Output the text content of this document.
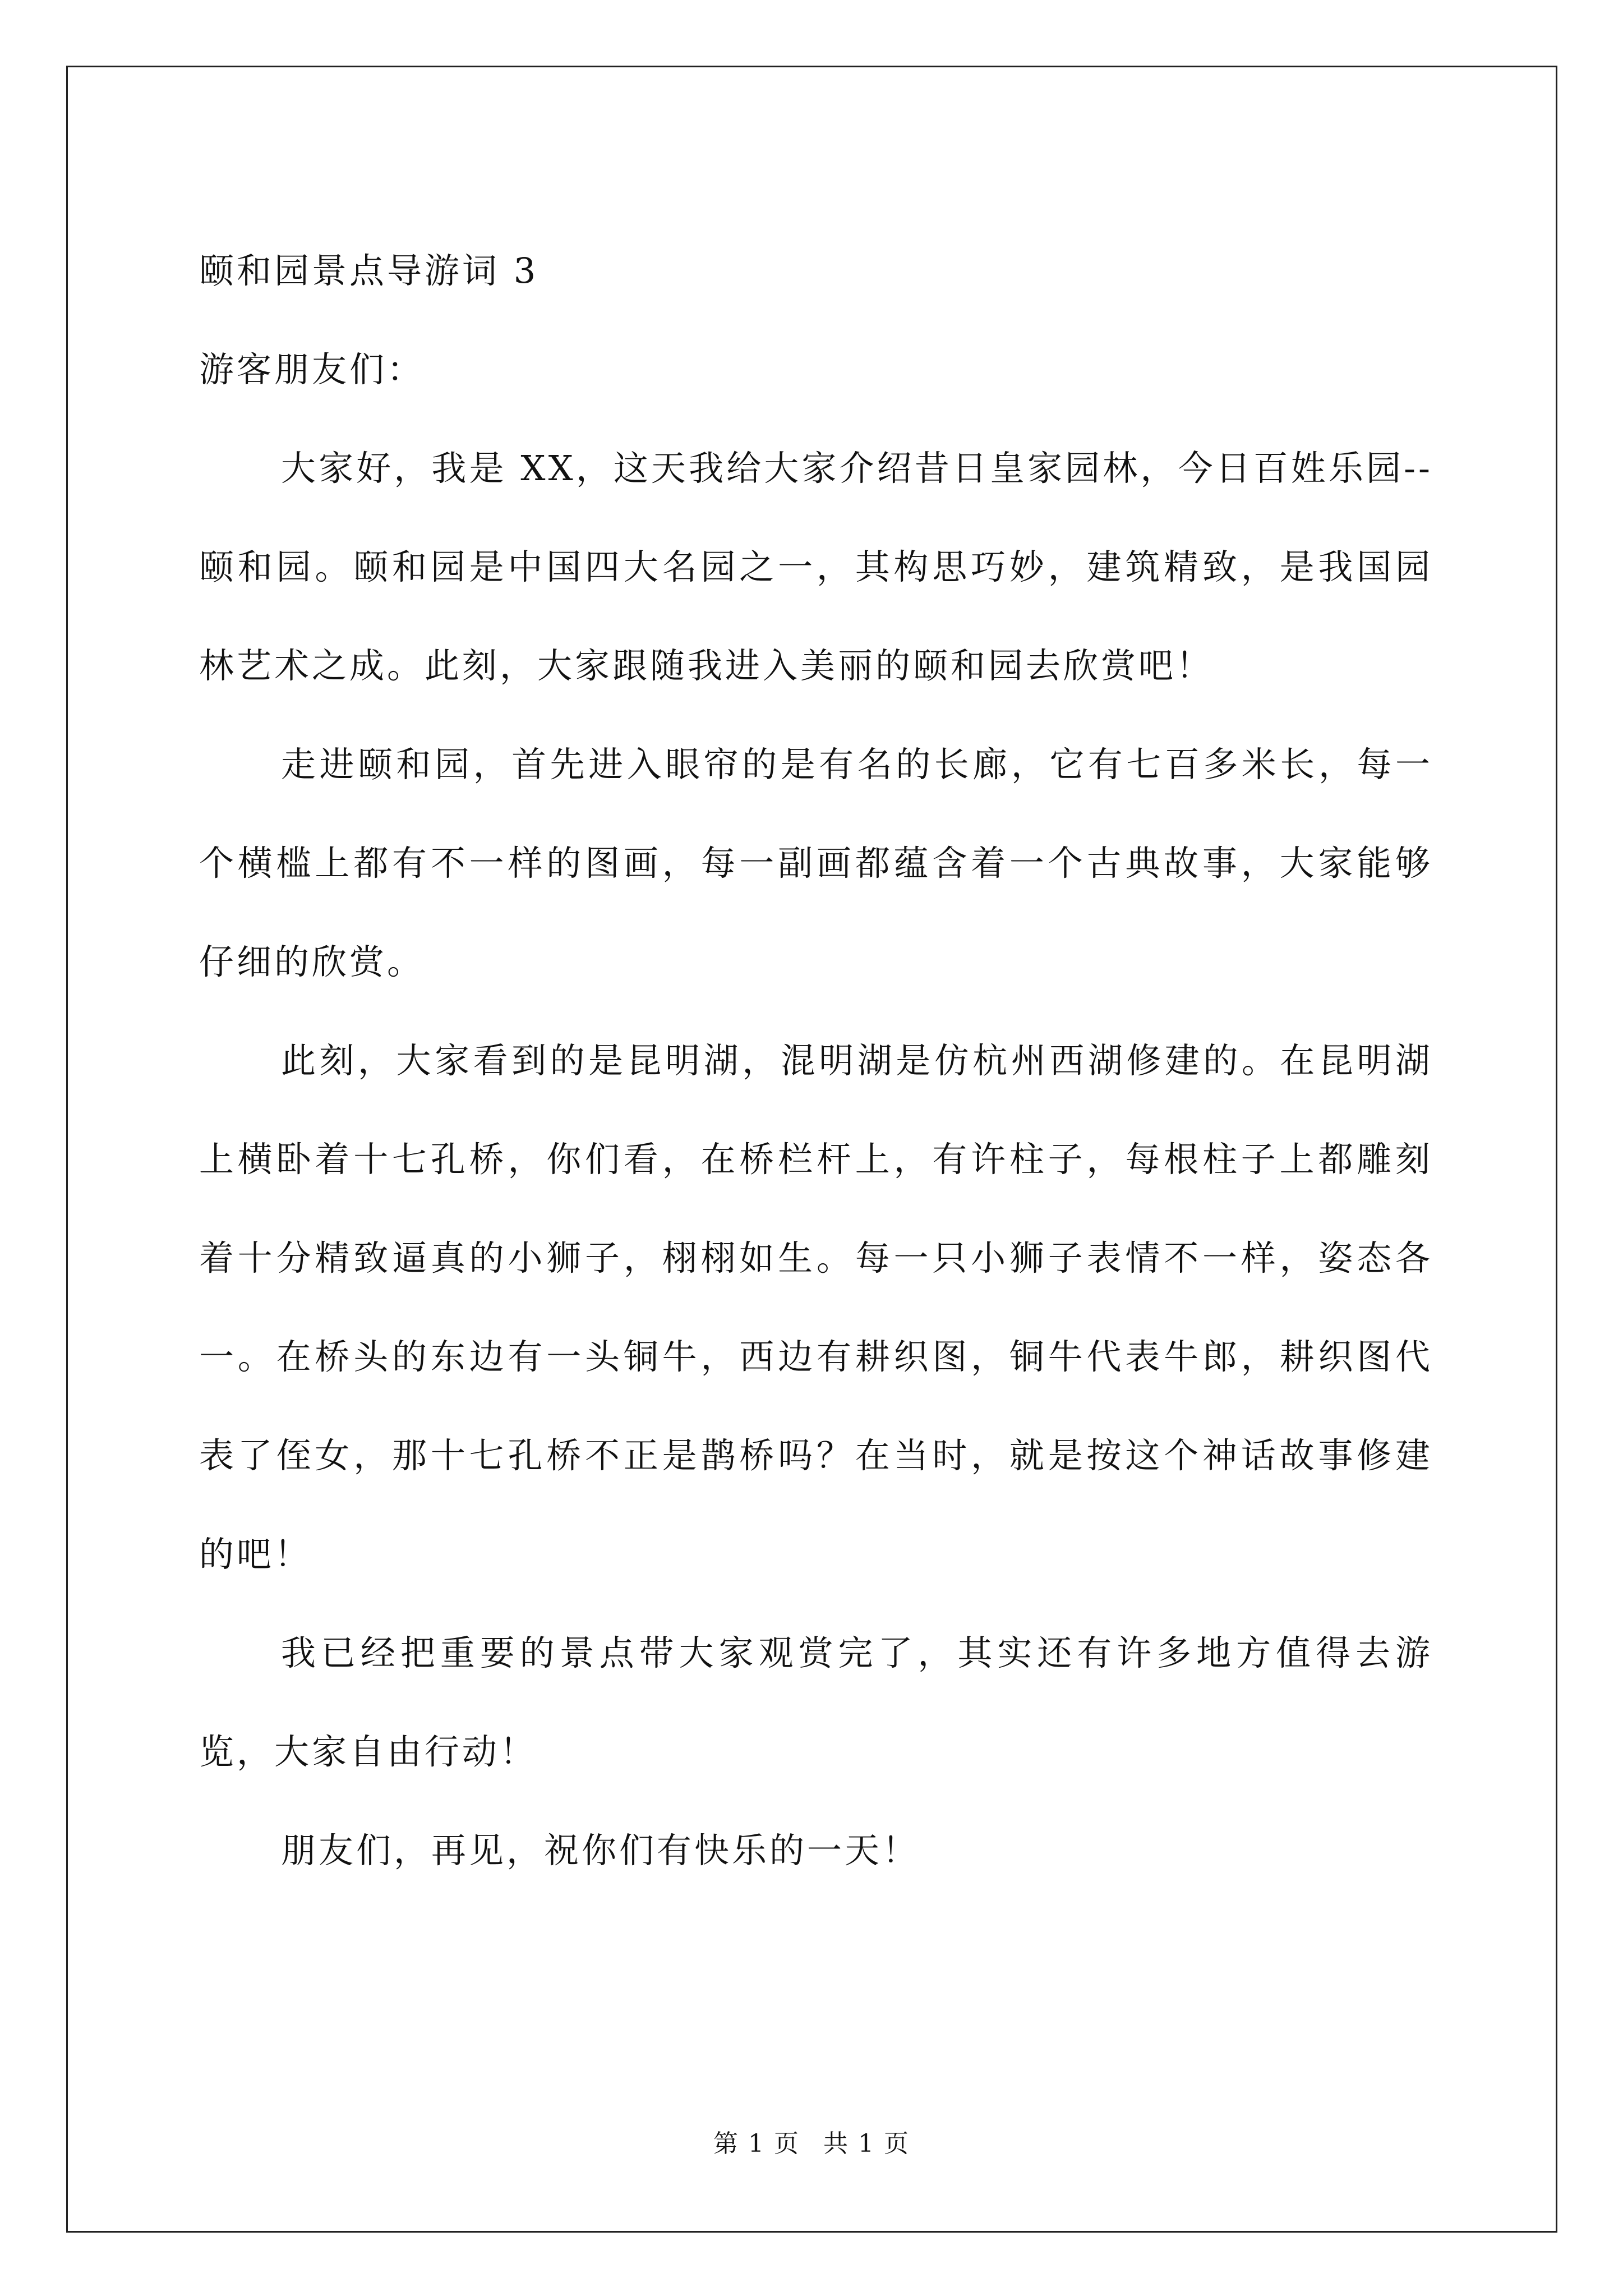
颐和园景点导游词 3

游客朋友们：

大家好，我是 XX，这天我给大家介绍昔日皇家园林，今日百姓乐园--颐和园。颐和园是中国四大名园之一，其构思巧妙，建筑精致，是我国园林艺术之成。此刻，大家跟随我进入美丽的颐和园去欣赏吧！

走进颐和园，首先进入眼帘的是有名的长廊，它有七百多米长，每一个横槛上都有不一样的图画，每一副画都蕴含着一个古典故事，大家能够仔细的欣赏。

此刻，大家看到的是昆明湖，混明湖是仿杭州西湖修建的。在昆明湖上横卧着十七孔桥，你们看，在桥栏杆上，有许柱子，每根柱子上都雕刻着十分精致逼真的小狮子，栩栩如生。每一只小狮子表情不一样，姿态各一。在桥头的东边有一头铜牛，西边有耕织图，铜牛代表牛郎，耕织图代表了侄女，那十七孔桥不正是鹊桥吗？在当时，就是按这个神话故事修建的吧！

我已经把重要的景点带大家观赏完了，其实还有许多地方值得去游览，大家自由行动！

朋友们，再见，祝你们有快乐的一天！

第 1 页 共 1 页
